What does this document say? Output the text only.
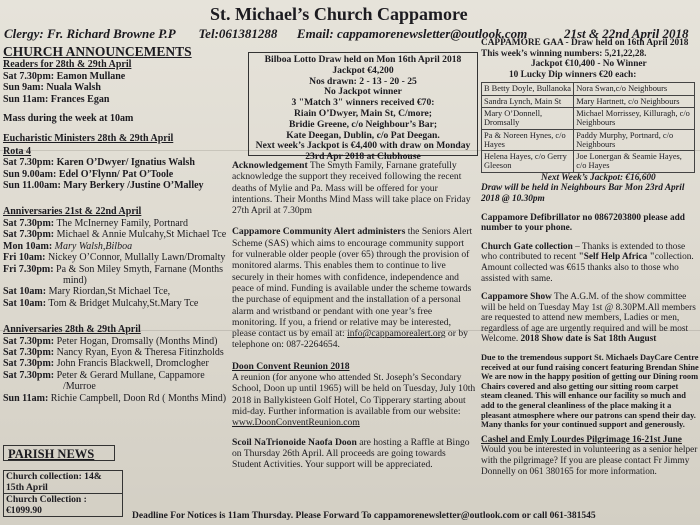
St. Michael’s Church Cappamore
Clergy: Fr. Richard Browne P.P Tel:061381288 Email: cappamorenewsletter@outlook.com	21st & 22nd April 2018
CHURCH ANNOUNCEMENTS
Readers for 28th & 29th April
Sat 7.30pm: Eamon Mullane
Sun 9am: Nuala Walsh
Sun 11am: Frances Egan
Mass during the week at 10am
Eucharistic Ministers 28th & 29th April
Rota 4
Sat 7.30pm: Karen O’Dwyer/ Ignatius Walsh
Sun 9.00am: Edel O’Flynn/ Pat O’Toole
Sun 11.00am: Mary Berkery /Justine O’Malley
Anniversaries 21st & 22nd April
Sat 7.30pm: The McInerney Family, Portnard
Sat 7.30pm: Michael & Annie Mulcahy,St Michael Tce
Mon 10am: Mary Walsh,Bilboa
Fri 10am: Nickey O’Connor, Mullally Lawn/Dromalty
Fri 7.30pm: Pa & Son Miley Smyth, Farnane (Months
mind)
Sat 10am: Mary Riordan,St Michael Tce,
Sat 10am: Tom & Bridget Mulcahy,St.Mary Tce
Anniversaries 28th & 29th April
Sat 7.30pm: Peter Hogan, Dromsally (Months Mind)
Sat 7.30pm: Nancy Ryan, Eyon & Theresa Fitinzholds
Sat 7.30pm: John Francis Blackwell, Dromclogher
Sat 7.30pm: Peter & Gerard Mullane, Cappamore
/Murroe
Sun 11am: Richie Campbell, Doon Rd ( Months Mind)
PARISH NEWS
Church collection: 14& 15th April
Church Collection : €1099.90
Bilboa Lotto Draw held on Mon 16th April 2018
Jackpot €4,200
Nos drawn: 2 - 13 - 20 - 25
No Jackpot winner
3 "Match 3" winners received €70:
Riain O’Dwyer, Main St, C/more;
Bridie Greene, c/o Neighbour’s Bar;
Kate Deegan, Dublin, c/o Pat Deegan.
Next week’s Jackpot is €4,400 with draw on Monday
23rd Apr 2018 at Clubhouse
Acknowledgement The Smyth Family, Farnane gratefully acknowledge the support they received following the recent deaths of Mylie and Pa. Mass will be offered for your intentions. Their Months Mind Mass will take place on Friday 27th April at 7.30pm
Cappamore Community Alert administers the Seniors Alert Scheme (SAS) which aims to encourage community support for vulnerable older people (over 65) through the provision of monitored alarms. This enables them to continue to live securely in their homes with confidence, independence and peace of mind. Funding is available under the scheme towards the purchase of equipment and the installation of a personal alarm and wristband or pendant with one year’s free monitoring. If you, a friend or relative may be interested, please contact us by email at: info@cappamorealert.org or by telephone on: 087-2264654.
Doon Convent Reunion 2018
A reunion (for anyone who attended St. Joseph’s Secondary School, Doon up until 1965) will be held on Tuesday, July 10th 2018 in Ballykisteen Golf Hotel, Co Tipperary starting about mid-day. Further information is available from our website:
www.DoonConventReunion.com
Scoil NaTrionoide Naofa Doon are hosting a Raffle at Bingo on Thursday 26th April. All proceeds are going towards Student Activities. Your support will be appreciated.
CAPPAMORE GAA - Draw held on 16th April 2018
This week’s winning numbers: 5,21,22,28.
Jackpot €10,400 - No Winner
10 Lucky Dip winners €20 each:
B Betty Doyle, Bullanoka	Nora Swan,c/o Neighbours
Sandra Lynch, Main St	Mary Hartnett, c/o Neighbours
Mary O’Donnell, Dromsally	Michael Morrissey, Killuragh, c/o Neighbours
Pa & Noreen Hynes, c/o Hayes	Paddy Murphy, Portnard, c/o Neighbours
Helena Hayes, c/o Gerry Gleeson	Joe Lonergan & Seamie Hayes, c/o Hayes
Next Week’s Jackpot: €16,600
Draw will be held in Neighbours Bar Mon 23rd April 2018 @ 10.30pm
Cappamore Defibrillator no 0867203800 please add number to your phone.
Church Gate collection – Thanks is extended to those who contributed to recent "Self Help Africa "collection. Amount collected was €615 thanks also to those who assisted with same.
Cappamore Show The A.G.M. of the show committee will be held on Tuesday May 1st @ 8.30PM.All members are requested to attend new members, Ladies or men, regardless of age are urgently required and will be most Welcome. 2018 Show date is Sat 18th August
Due to the tremendous support St. Michaels DayCare Centre received at our fund raising concert featuring Brendan Shine We are now in the happy position of getting our Dining room Chairs covered and also getting our sitting room carpet steam cleaned. This will enhance our facility so much and add to the general cleanliness of the place making it a pleasant atmosphere where our patrons can spend their day. Many thanks for your continued support and generously.
Cashel and Emly Lourdes Pilgrimage 16-21st June
Would you be interested in volunteering as a senior helper with the pilgrimage? If you are please contact Fr Jimmy Donnelly on 061 380165 for more information.
Deadline For Notices is 11am Thursday. Please Forward To cappamorenewsletter@outlook.com or call 061-381545
